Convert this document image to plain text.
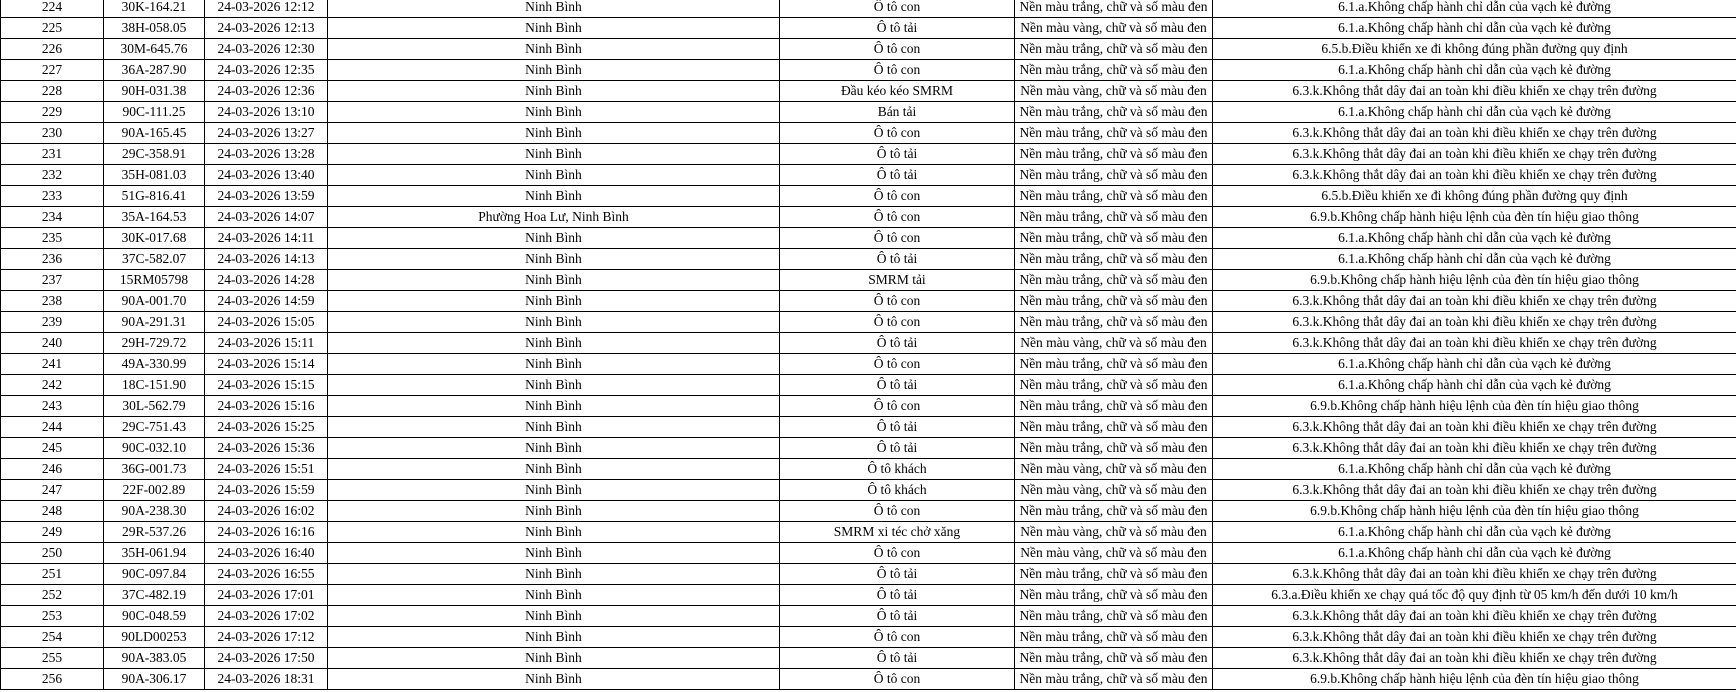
224	30K-164.21	24-03-2026 12:12	Ninh Bình	Ô tô con	Nền màu trắng, chữ và số màu đen	6.1.a.Không chấp hành chỉ dẫn của vạch kẻ đường
225	38H-058.05	24-03-2026 12:13	Ninh Bình	Ô tô tải	Nền màu vàng, chữ và số màu đen	6.1.a.Không chấp hành chỉ dẫn của vạch kẻ đường
226	30M-645.76	24-03-2026 12:30	Ninh Bình	Ô tô con	Nền màu trắng, chữ và số màu đen	6.5.b.Điều khiển xe đi không đúng phần đường quy định
227	36A-287.90	24-03-2026 12:35	Ninh Bình	Ô tô con	Nền màu trắng, chữ và số màu đen	6.1.a.Không chấp hành chỉ dẫn của vạch kẻ đường
228	90H-031.38	24-03-2026 12:36	Ninh Bình	Đầu kéo kéo SMRM	Nền màu vàng, chữ và số màu đen	6.3.k.Không thắt dây đai an toàn khi điều khiển xe chạy trên đường
229	90C-111.25	24-03-2026 13:10	Ninh Bình	Bán tải	Nền màu trắng, chữ và số màu đen	6.1.a.Không chấp hành chỉ dẫn của vạch kẻ đường
230	90A-165.45	24-03-2026 13:27	Ninh Bình	Ô tô con	Nền màu trắng, chữ và số màu đen	6.3.k.Không thắt dây đai an toàn khi điều khiển xe chạy trên đường
231	29C-358.91	24-03-2026 13:28	Ninh Bình	Ô tô tải	Nền màu trắng, chữ và số màu đen	6.3.k.Không thắt dây đai an toàn khi điều khiển xe chạy trên đường
232	35H-081.03	24-03-2026 13:40	Ninh Bình	Ô tô tải	Nền màu trắng, chữ và số màu đen	6.3.k.Không thắt dây đai an toàn khi điều khiển xe chạy trên đường
233	51G-816.41	24-03-2026 13:59	Ninh Bình	Ô tô con	Nền màu trắng, chữ và số màu đen	6.5.b.Điều khiển xe đi không đúng phần đường quy định
234	35A-164.53	24-03-2026 14:07	Phường Hoa Lư, Ninh Bình	Ô tô con	Nền màu trắng, chữ và số màu đen	6.9.b.Không chấp hành hiệu lệnh của đèn tín hiệu giao thông
235	30K-017.68	24-03-2026 14:11	Ninh Bình	Ô tô con	Nền màu trắng, chữ và số màu đen	6.1.a.Không chấp hành chỉ dẫn của vạch kẻ đường
236	37C-582.07	24-03-2026 14:13	Ninh Bình	Ô tô tải	Nền màu trắng, chữ và số màu đen	6.1.a.Không chấp hành chỉ dẫn của vạch kẻ đường
237	15RM05798	24-03-2026 14:28	Ninh Bình	SMRM tải	Nền màu trắng, chữ và số màu đen	6.9.b.Không chấp hành hiệu lệnh của đèn tín hiệu giao thông
238	90A-001.70	24-03-2026 14:59	Ninh Bình	Ô tô con	Nền màu trắng, chữ và số màu đen	6.3.k.Không thắt dây đai an toàn khi điều khiển xe chạy trên đường
239	90A-291.31	24-03-2026 15:05	Ninh Bình	Ô tô con	Nền màu trắng, chữ và số màu đen	6.3.k.Không thắt dây đai an toàn khi điều khiển xe chạy trên đường
240	29H-729.72	24-03-2026 15:11	Ninh Bình	Ô tô tải	Nền màu vàng, chữ và số màu đen	6.3.k.Không thắt dây đai an toàn khi điều khiển xe chạy trên đường
241	49A-330.99	24-03-2026 15:14	Ninh Bình	Ô tô con	Nền màu trắng, chữ và số màu đen	6.1.a.Không chấp hành chỉ dẫn của vạch kẻ đường
242	18C-151.90	24-03-2026 15:15	Ninh Bình	Ô tô tải	Nền màu trắng, chữ và số màu đen	6.1.a.Không chấp hành chỉ dẫn của vạch kẻ đường
243	30L-562.79	24-03-2026 15:16	Ninh Bình	Ô tô con	Nền màu trắng, chữ và số màu đen	6.9.b.Không chấp hành hiệu lệnh của đèn tín hiệu giao thông
244	29C-751.43	24-03-2026 15:25	Ninh Bình	Ô tô tải	Nền màu trắng, chữ và số màu đen	6.3.k.Không thắt dây đai an toàn khi điều khiển xe chạy trên đường
245	90C-032.10	24-03-2026 15:36	Ninh Bình	Ô tô tải	Nền màu trắng, chữ và số màu đen	6.3.k.Không thắt dây đai an toàn khi điều khiển xe chạy trên đường
246	36G-001.73	24-03-2026 15:51	Ninh Bình	Ô tô khách	Nền màu vàng, chữ và số màu đen	6.1.a.Không chấp hành chỉ dẫn của vạch kẻ đường
247	22F-002.89	24-03-2026 15:59	Ninh Bình	Ô tô khách	Nền màu vàng, chữ và số màu đen	6.3.k.Không thắt dây đai an toàn khi điều khiển xe chạy trên đường
248	90A-238.30	24-03-2026 16:02	Ninh Bình	Ô tô con	Nền màu trắng, chữ và số màu đen	6.9.b.Không chấp hành hiệu lệnh của đèn tín hiệu giao thông
249	29R-537.26	24-03-2026 16:16	Ninh Bình	SMRM xi téc chở xăng	Nền màu vàng, chữ và số màu đen	6.1.a.Không chấp hành chỉ dẫn của vạch kẻ đường
250	35H-061.94	24-03-2026 16:40	Ninh Bình	Ô tô con	Nền màu vàng, chữ và số màu đen	6.1.a.Không chấp hành chỉ dẫn của vạch kẻ đường
251	90C-097.84	24-03-2026 16:55	Ninh Bình	Ô tô tải	Nền màu trắng, chữ và số màu đen	6.3.k.Không thắt dây đai an toàn khi điều khiển xe chạy trên đường
252	37C-482.19	24-03-2026 17:01	Ninh Bình	Ô tô tải	Nền màu trắng, chữ và số màu đen	6.3.a.Điều khiển xe chạy quá tốc độ quy định từ 05 km/h đến dưới 10 km/h
253	90C-048.59	24-03-2026 17:02	Ninh Bình	Ô tô tải	Nền màu trắng, chữ và số màu đen	6.3.k.Không thắt dây đai an toàn khi điều khiển xe chạy trên đường
254	90LD00253	24-03-2026 17:12	Ninh Bình	Ô tô con	Nền màu trắng, chữ và số màu đen	6.3.k.Không thắt dây đai an toàn khi điều khiển xe chạy trên đường
255	90A-383.05	24-03-2026 17:50	Ninh Bình	Ô tô tải	Nền màu trắng, chữ và số màu đen	6.3.k.Không thắt dây đai an toàn khi điều khiển xe chạy trên đường
256	90A-306.17	24-03-2026 18:31	Ninh Bình	Ô tô con	Nền màu trắng, chữ và số màu đen	6.9.b.Không chấp hành hiệu lệnh của đèn tín hiệu giao thông
